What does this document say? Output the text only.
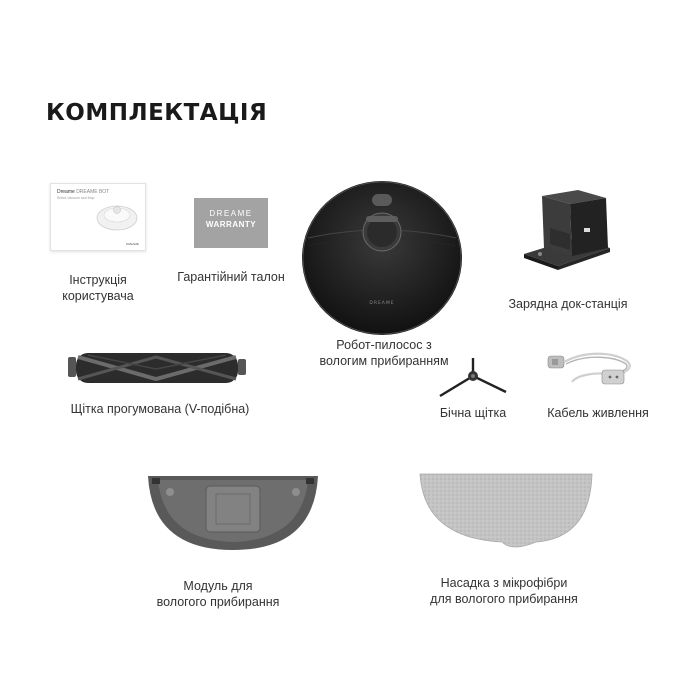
КОМПЛЕКТАЦІЯ
Dreame DREAME BOT
Robot Vacuum and Mop
DREAME
Інструкція
користувача
DREAME
WARRANTY
Гарантійний талон
DREAME
Робот-пилосос з
вологим прибиранням
Зарядна док-станція
Щітка прогумована (V-подібна)	Бічна щітка	Кабель живлення
Модуль для
вологого прибирання
Насадка з мікрофібри
для вологого прибирання
